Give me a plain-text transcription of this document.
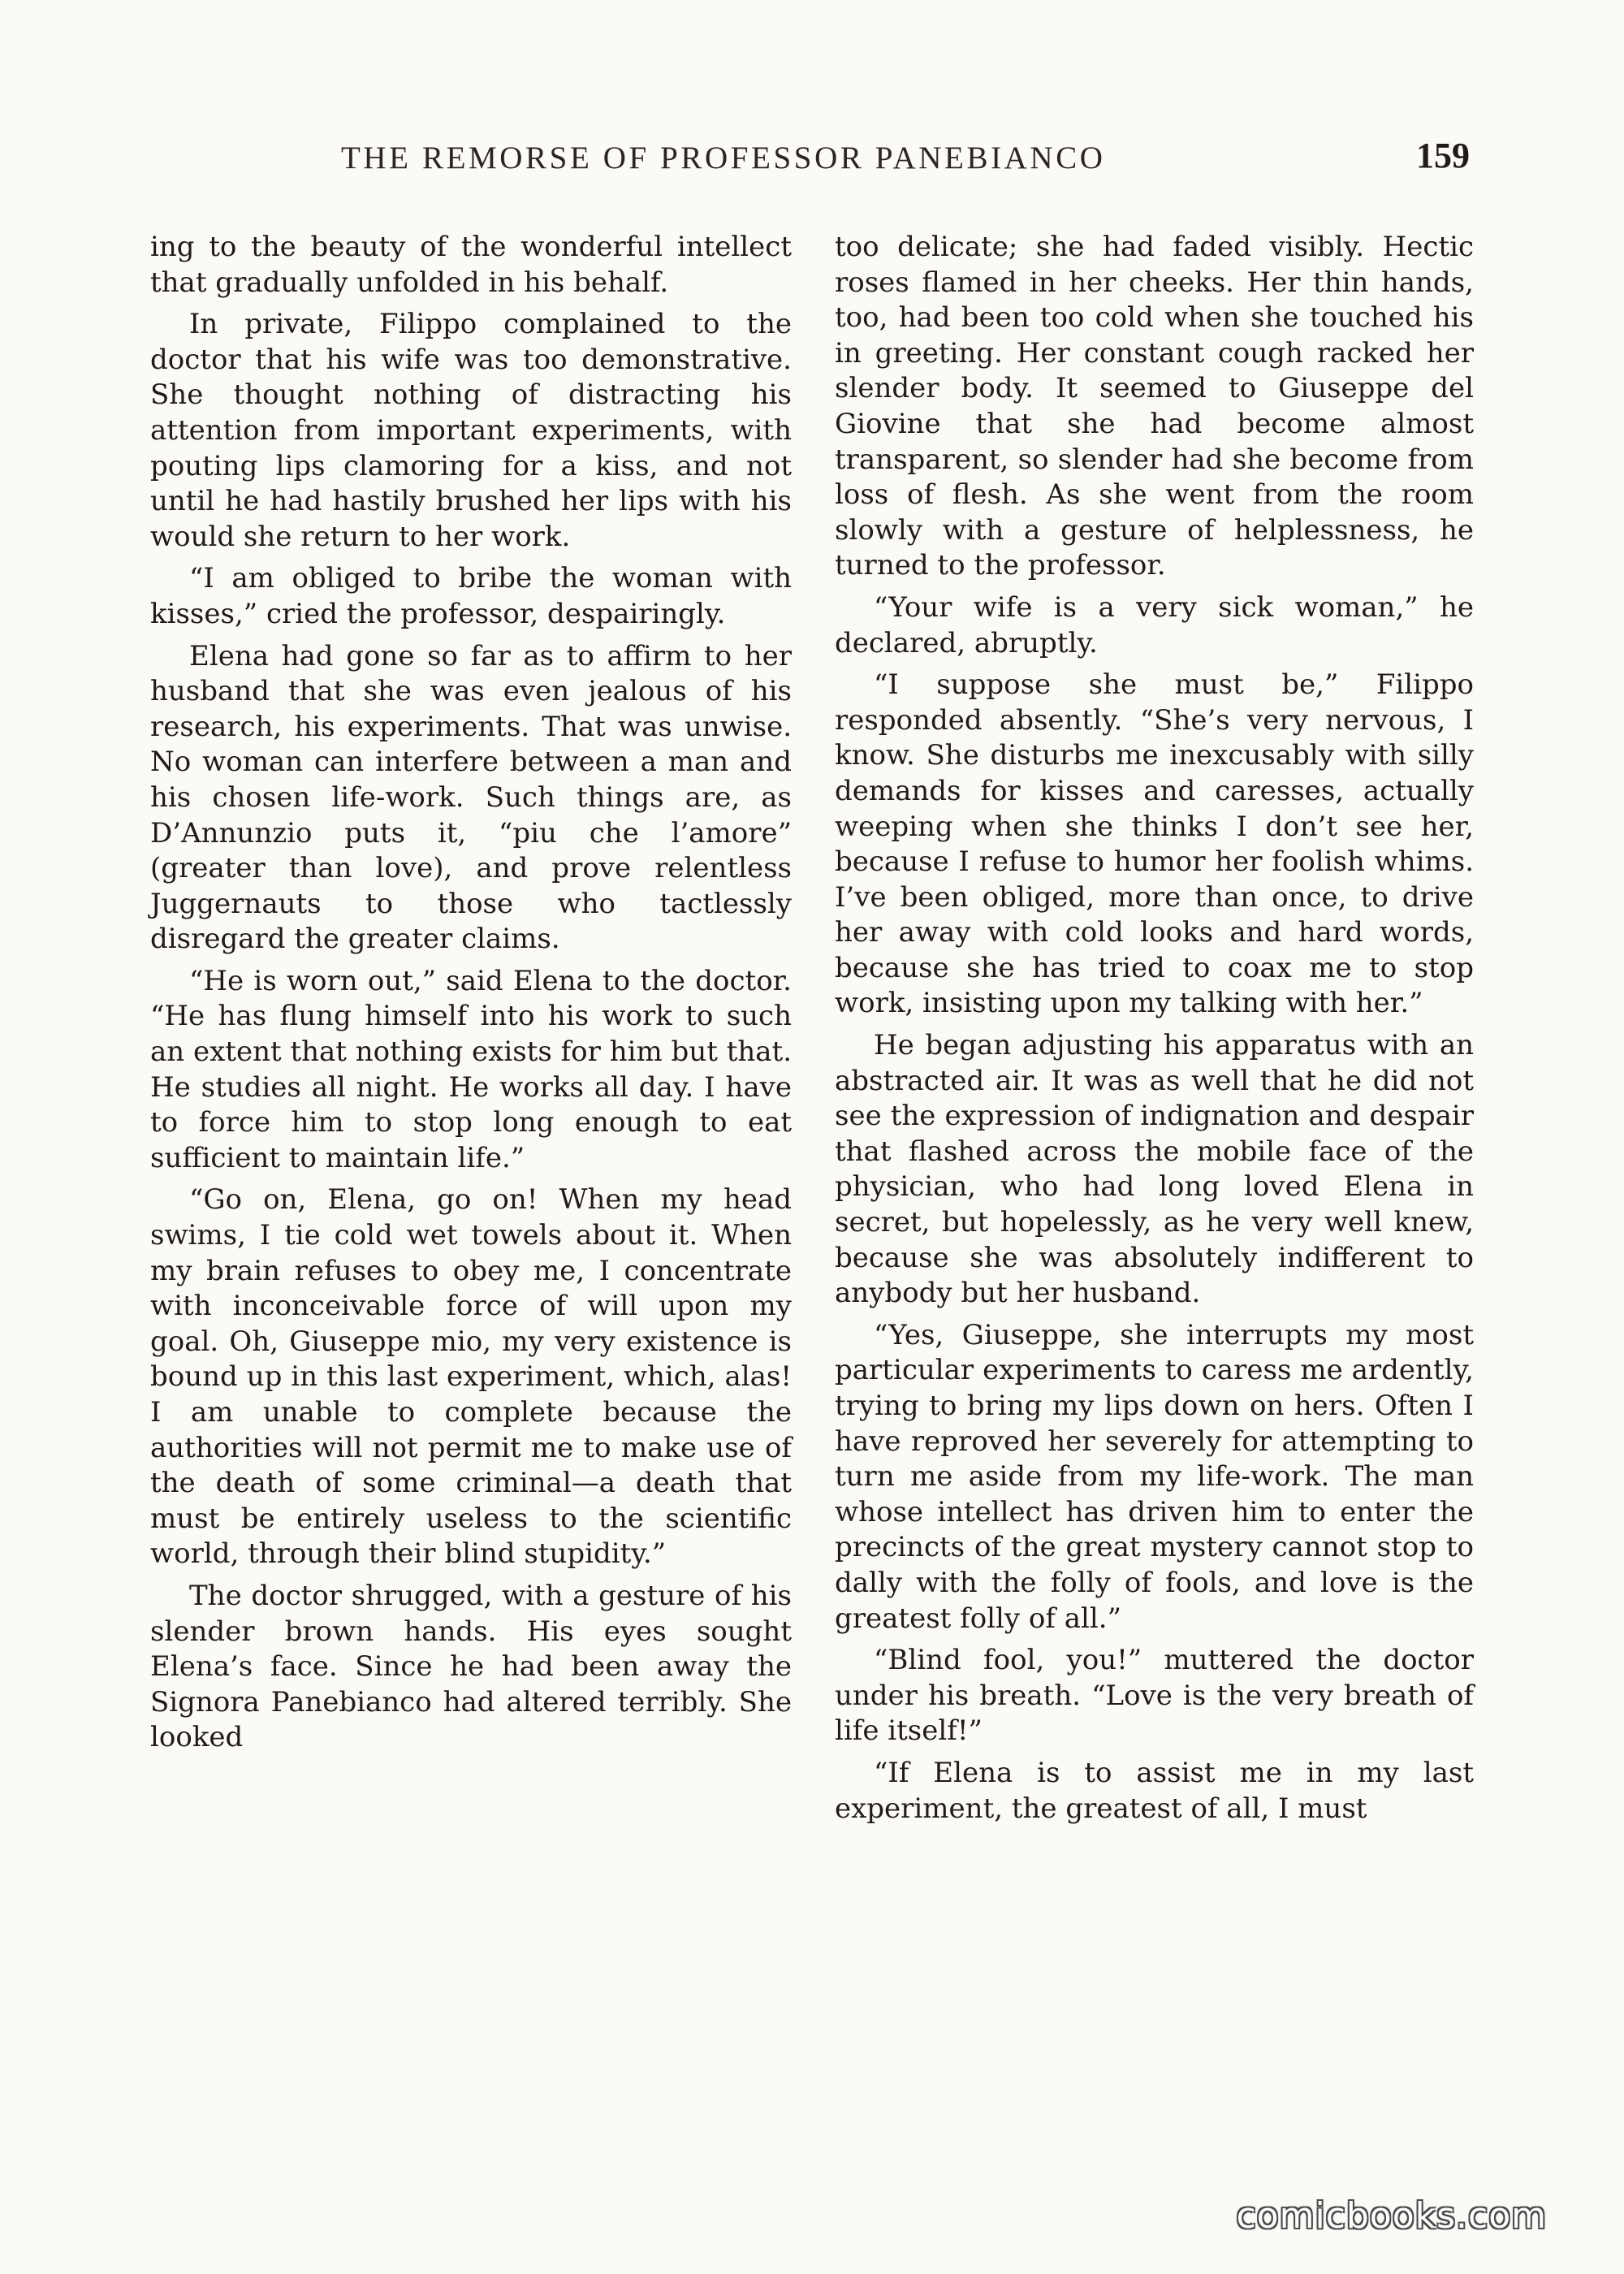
THE REMORSE OF PROFESSOR PANEBIANCO	159

ing to the beauty of the wonderful intellect that gradually unfolded in his behalf.

In private, Filippo complained to the doctor that his wife was too demonstrative. She thought nothing of distracting his attention from important experiments, with pouting lips clamoring for a kiss, and not until he had hastily brushed her lips with his would she return to her work.

“I am obliged to bribe the woman with kisses,” cried the professor, despairingly.

Elena had gone so far as to affirm to her husband that she was even jealous of his research, his experiments. That was unwise. No woman can interfere between a man and his chosen life-work. Such things are, as D’Annunzio puts it, “piu che l’amore” (greater than love), and prove relentless Juggernauts to those who tactlessly disregard the greater claims.

“He is worn out,” said Elena to the doctor. “He has flung himself into his work to such an extent that nothing exists for him but that. He studies all night. He works all day. I have to force him to stop long enough to eat sufficient to maintain life.”

“Go on, Elena, go on! When my head swims, I tie cold wet towels about it. When my brain refuses to obey me, I concentrate with inconceivable force of will upon my goal. Oh, Giuseppe mio, my very existence is bound up in this last experiment, which, alas! I am unable to complete because the authorities will not permit me to make use of the death of some criminal—a death that must be entirely useless to the scientific world, through their blind stupidity.”

The doctor shrugged, with a gesture of his slender brown hands. His eyes sought Elena’s face. Since he had been away the Signora Panebianco had altered terribly. She looked

too delicate; she had faded visibly. Hectic roses flamed in her cheeks. Her thin hands, too, had been too cold when she touched his in greeting. Her constant cough racked her slender body. It seemed to Giuseppe del Giovine that she had become almost transparent, so slender had she become from loss of flesh. As she went from the room slowly with a gesture of helplessness, he turned to the professor.

“Your wife is a very sick woman,” he declared, abruptly.

“I suppose she must be,” Filippo responded absently. “She’s very nervous, I know. She disturbs me inexcusably with silly demands for kisses and caresses, actually weeping when she thinks I don’t see her, because I refuse to humor her foolish whims. I’ve been obliged, more than once, to drive her away with cold looks and hard words, because she has tried to coax me to stop work, insisting upon my talking with her.”

He began adjusting his apparatus with an abstracted air. It was as well that he did not see the expression of indignation and despair that flashed across the mobile face of the physician, who had long loved Elena in secret, but hopelessly, as he very well knew, because she was absolutely indifferent to anybody but her husband.

“Yes, Giuseppe, she interrupts my most particular experiments to caress me ardently, trying to bring my lips down on hers. Often I have reproved her severely for attempting to turn me aside from my life-work. The man whose intellect has driven him to enter the precincts of the great mystery cannot stop to dally with the folly of fools, and love is the greatest folly of all.”

“Blind fool, you!” muttered the doctor under his breath. “Love is the very breath of life itself!”

“If Elena is to assist me in my last experiment, the greatest of all, I must

comicbooks.com
